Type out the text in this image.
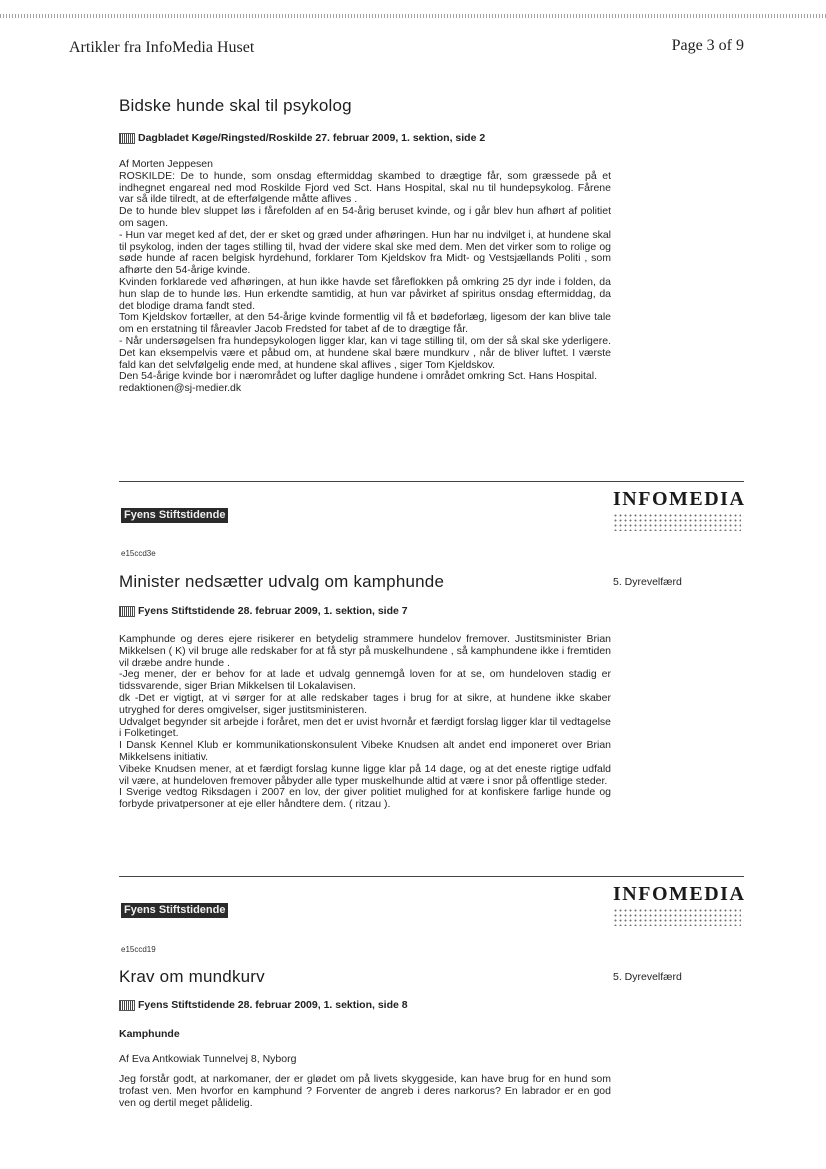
Artikler fra InfoMedia Huset	Page 3 of 9
Bidske hunde skal til psykolog
Dagbladet Køge/Ringsted/Roskilde 27. februar 2009, 1. sektion, side 2

Af Morten Jeppesen

ROSKILDE: De to hunde, som onsdag eftermiddag skambed to drægtige får, som græssede på et indhegnet engareal ned mod Roskilde Fjord ved Sct. Hans Hospital, skal nu til hundepsykolog. Fårene var så ilde tilredt, at de efterfølgende måtte aflives .

De to hunde blev sluppet løs i fårefolden af en 54-årig beruset kvinde, og i går blev hun afhørt af politiet om sagen.

- Hun var meget ked af det, der er sket og græd under afhøringen. Hun har nu indvilget i, at hundene skal til psykolog, inden der tages stilling til, hvad der videre skal ske med dem. Men det virker som to rolige og søde hunde af racen belgisk hyrdehund, forklarer Tom Kjeldskov fra Midt- og Vestsjællands Politi , som afhørte den 54-årige kvinde.

Kvinden forklarede ved afhøringen, at hun ikke havde set fåreflokken på omkring 25 dyr inde i folden, da hun slap de to hunde løs. Hun erkendte samtidig, at hun var påvirket af spiritus onsdag eftermiddag, da det blodige drama fandt sted.

Tom Kjeldskov fortæller, at den 54-årige kvinde formentlig vil få et bødeforlæg, ligesom der kan blive tale om en erstatning til fåreavler Jacob Fredsted for tabet af de to drægtige får.

- Når undersøgelsen fra hundepsykologen ligger klar, kan vi tage stilling til, om der så skal ske yderligere. Det kan eksempelvis være et påbud om, at hundene skal bære mundkurv , når de bliver luftet. I værste fald kan det selvfølgelig ende med, at hundene skal aflives , siger Tom Kjeldskov.

Den 54-årige kvinde bor i nærområdet og lufter daglige hundene i området omkring Sct. Hans Hospital.

redaktionen@sj-medier.dk

Fyens Stiftstidende
INFOMEDIA
e15ccd3e
5. Dyrevelfærd
Minister nedsætter udvalg om kamphunde
Fyens Stiftstidende 28. februar 2009, 1. sektion, side 7

Kamphunde og deres ejere risikerer en betydelig strammere hundelov fremover. Justitsminister Brian Mikkelsen ( K) vil bruge alle redskaber for at få styr på muskelhundene , så kamphundene ikke i fremtiden vil dræbe andre hunde .

-Jeg mener, der er behov for at lade et udvalg gennemgå loven for at se, om hundeloven stadig er tidssvarende, siger Brian Mikkelsen til Lokalavisen.

dk -Det er vigtigt, at vi sørger for at alle redskaber tages i brug for at sikre, at hundene ikke skaber utryghed for deres omgivelser, siger justitsministeren.

Udvalget begynder sit arbejde i foråret, men det er uvist hvornår et færdigt forslag ligger klar til vedtagelse i Folketinget.

I Dansk Kennel Klub er kommunikationskonsulent Vibeke Knudsen alt andet end imponeret over Brian Mikkelsens initiativ.

Vibeke Knudsen mener, at et færdigt forslag kunne ligge klar på 14 dage, og at det eneste rigtige udfald vil være, at hundeloven fremover påbyder alle typer muskelhunde altid at være i snor på offentlige steder.

I Sverige vedtog Riksdagen i 2007 en lov, der giver politiet mulighed for at konfiskere farlige hunde og forbyde privatpersoner at eje eller håndtere dem. ( ritzau ).

Fyens Stiftstidende
INFOMEDIA
e15ccd19
5. Dyrevelfærd
Krav om mundkurv
Fyens Stiftstidende 28. februar 2009, 1. sektion, side 8
Kamphunde
Af Eva Antkowiak Tunnelvej 8, Nyborg

Jeg forstår godt, at narkomaner, der er glødet om på livets skyggeside, kan have brug for en hund som trofast ven. Men hvorfor en kamphund ? Forventer de angreb i deres narkorus? En labrador er en god ven og dertil meget pålidelig.
